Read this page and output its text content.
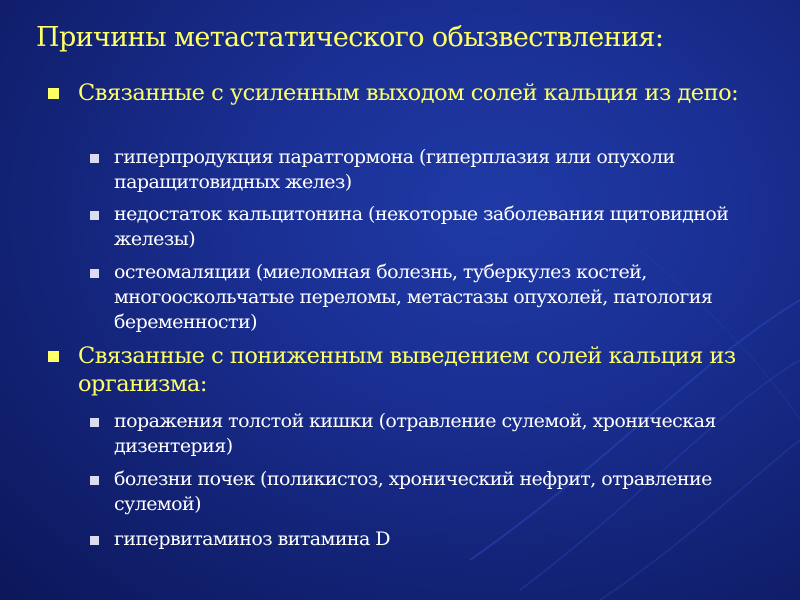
Причины метастатического обызвествления:
Связанные с усиленным выходом солей кальция из депо:
гиперпродукция паратгормона (гиперплазия или опухоли паращитовидных желез)
недостаток кальцитонина (некоторые заболевания щитовидной железы)
остеомаляции (миеломная болезнь, туберкулез костей, многооскольчатые переломы, метастазы опухолей, патология беременности)
Связанные с пониженным выведением солей кальция из организма:
поражения толстой кишки (отравление сулемой, хроническая дизентерия)
болезни почек (поликистоз, хронический нефрит, отравление сулемой)
гипервитаминоз витамина D
